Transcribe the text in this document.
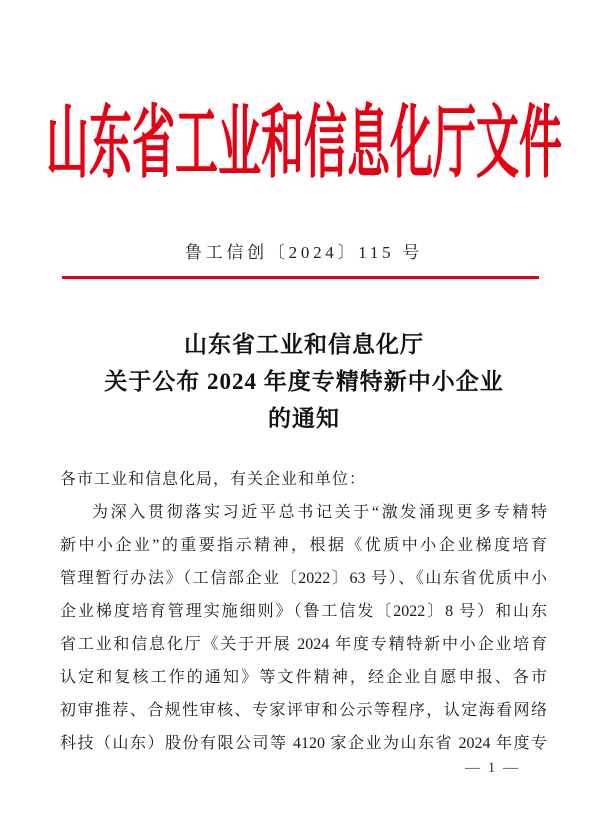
山东省工业和信息化厅文件
鲁工信创〔2024〕115 号
山东省工业和信息化厅
关于公布 2024 年度专精特新中小企业
的通知
各市工业和信息化局，有关企业和单位：
为深入贯彻落实习近平总书记关于“激发涌现更多专精特
新中小企业”的重要指示精神，根据《优质中小企业梯度培育
管理暂行办法》（工信部企业〔2022〕63 号）、《山东省优质中小
企业梯度培育管理实施细则》（鲁工信发〔2022〕8 号）和山东
省工业和信息化厅《关于开展 2024 年度专精特新中小企业培育
认定和复核工作的通知》等文件精神，经企业自愿申报、各市
初审推荐、合规性审核、专家评审和公示等程序，认定海看网络
科技（山东）股份有限公司等 4120 家企业为山东省 2024 年度专
— 1 —
